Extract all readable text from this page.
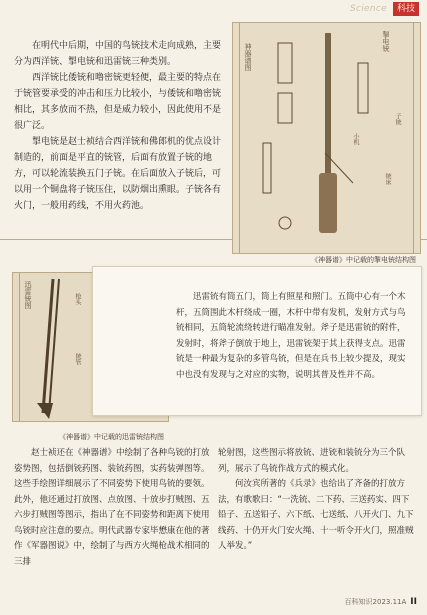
Science	科技

在明代中后期，中国的鸟铳技术走向成熟，主要分为西洋铳、掣电铳和迅雷铳三种类别。

西洋铳比倭铳和噜密铳更轻便，最主要的特点在于铳管要承受的冲击和压力比较小，与倭铳和噜密铳相比，其多放而不热，但是威力较小，因此使用不是很广泛。

掣电铳是赵士祯结合西洋铳和佛郎机的优点设计制造的，前面是平直的铳管，后面有放置子铳的地方，可以轮流装换五门子铳。在后面放入子铳后，可以用一个铜盘将子铳压住，以防烟出熏眼。子铳各有火门，一般用药线，不用火药池。

神器谱图
掣电铳
小机
铳床
子铳
《神器谱》中记载的掣电铳结构图
迅雷铳图	枪头
铳管

迅雷铳有筒五门，筒上有照星和照门。五筒中心有一个木杆，五筒围此木杆绕成一圈，木杆中带有发机，发射方式与鸟铳相同，五筒轮流绕转进行瞄准发射。斧子是迅雷铳的附件，发射时，将斧子倒放于地上，迅雷铳架于其上获得支点。迅雷铳是一种最为复杂的多管鸟铳，但是在兵书上较少提及，现实中也没有发现与之对应的实物，说明其普及性并不高。

《神器谱》中记载的迅雷铳结构图

赵士祯还在《神器谱》中绘制了各种鸟铳的打放姿势图，包括倒铳药图、装铳药图，实药装弹图等。这些手绘图详细展示了不同姿势下使用鸟铳的要领。此外，他还通过打放图、点放图、十放步打贼图、五六步打贼图等图示，指出了在不同姿势和距离下使用鸟铳时应注意的要点。明代武器专家毕懋康在他的著作《军器图说》中，绘制了与西方火绳枪战术相同的三排

轮射图，这些图示将放铳、进铳和装铳分为三个队列，展示了鸟铳作战方式的模式化。

何汝宾所著的《兵录》也给出了齐备的打放方法，有歌歌曰：“一洗铳、二下药、三送药实、四下铅子、五送铅子、六下纸、七送纸、八开火门、九下线药、十仍开火门安火绳、十一听令开火门，照准贼人举发。”

百科知识2023.11A II
